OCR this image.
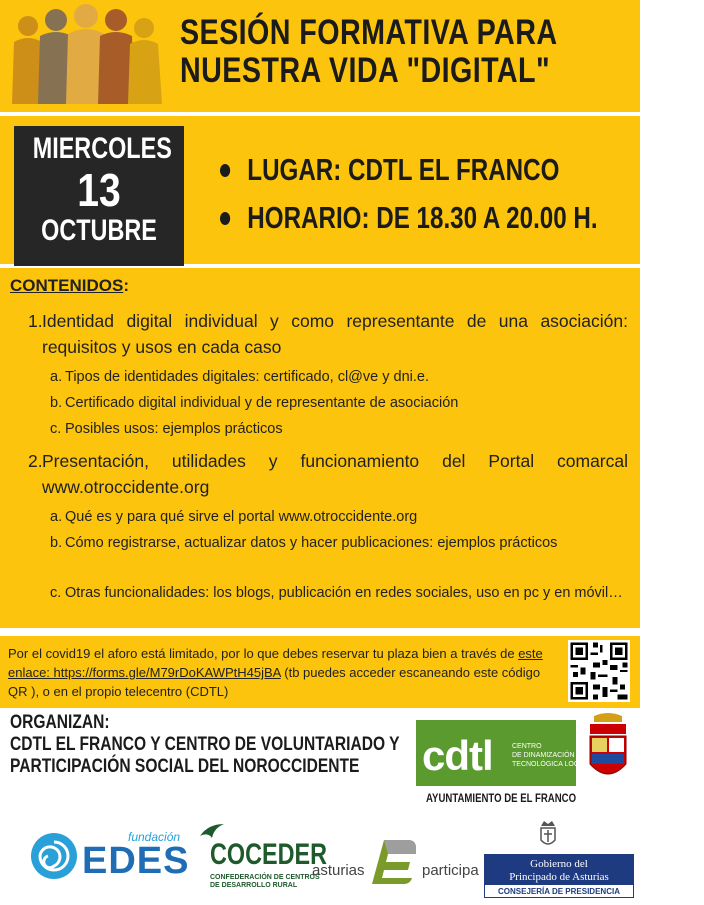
SESIÓN FORMATIVA PARA
NUESTRA VIDA "DIGITAL"
MIERCOLES
13
OCTUBRE
LUGAR: CDTL EL FRANCO
HORARIO: DE 18.30 A 20.00 H.
CONTENIDOS:
1. Identidad digital individual y como representante de una asociación: requisitos y usos en cada caso
a. Tipos de identidades digitales: certificado, cl@ve y dni.e.
b. Certificado digital individual y de representante de asociación
c. Posibles usos: ejemplos prácticos
2. Presentación, utilidades y funcionamiento del Portal comarcal www.otroccidente.org
a. Qué es y para qué sirve el portal www.otroccidente.org
b. Cómo registrarse, actualizar datos y hacer publicaciones: ejemplos prácticos
c. Otras funcionalidades: los blogs, publicación en redes sociales, uso en pc y en móvil…
Por el covid19 el aforo está limitado, por lo que debes reservar tu plaza bien a través de este enlace: https://forms.gle/M79rDoKAWPtH45jBA (tb puedes acceder escaneando este código QR ), o en el propio telecentro (CDTL)
ORGANIZAN:
CDTL EL FRANCO Y CENTRO DE VOLUNTARIADO Y
PARTICIPACIÓN SOCIAL DEL NOROCCIDENTE	cdtl	CENTRO
DE DINAMIZACIÓN
TECNOLÓGICA LOCAL
AYUNTAMIENTO DE EL FRANCO
fundación
EDES COCEDER
CONFEDERACIÓN DE CENTROS
DE DESARROLLO RURAL
asturias	participa	Gobierno del
Principado de Asturias
CONSEJERÍA DE PRESIDENCIA
